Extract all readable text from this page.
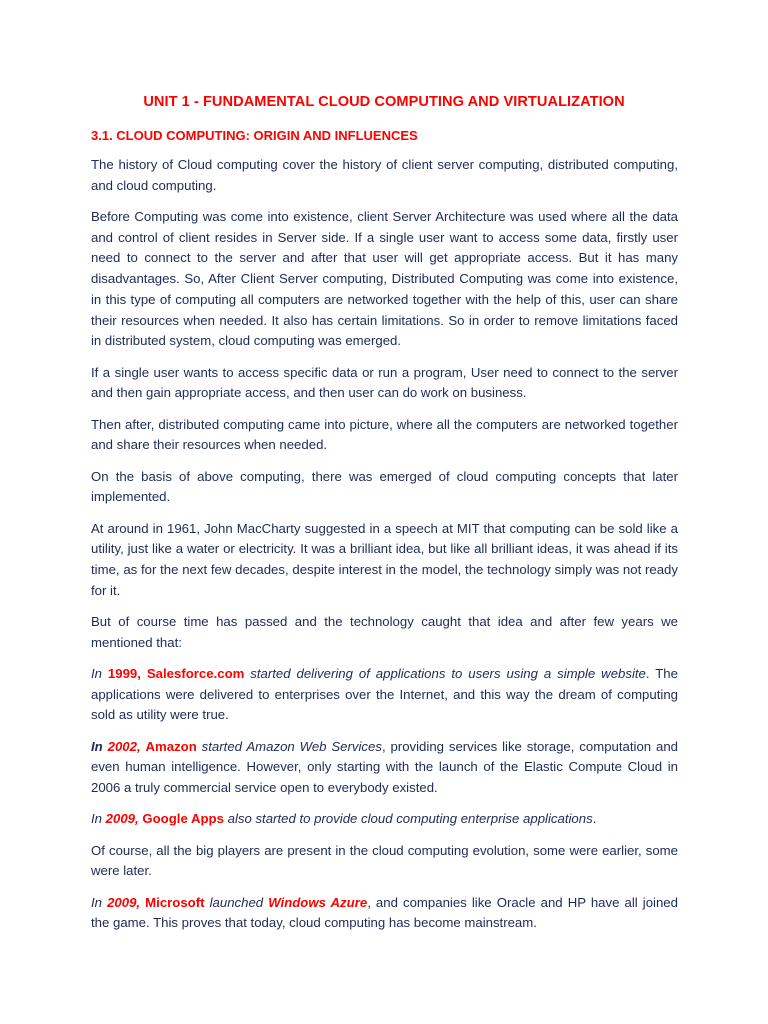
UNIT 1 - FUNDAMENTAL CLOUD COMPUTING AND VIRTUALIZATION
3.1. CLOUD COMPUTING: ORIGIN AND INFLUENCES

The history of Cloud computing cover the history of client server computing, distributed computing, and cloud computing.

Before Computing was come into existence, client Server Architecture was used where all the data and control of client resides in Server side. If a single user want to access some data, firstly user need to connect to the server and after that user will get appropriate access. But it has many disadvantages. So, After Client Server computing, Distributed Computing was come into existence, in this type of computing all computers are networked together with the help of this, user can share their resources when needed. It also has certain limitations. So in order to remove limitations faced in distributed system, cloud computing was emerged.

If a single user wants to access specific data or run a program, User need to connect to the server and then gain appropriate access, and then user can do work on business.

Then after, distributed computing came into picture, where all the computers are networked together and share their resources when needed.

On the basis of above computing, there was emerged of cloud computing concepts that later implemented.

At around in 1961, John MacCharty suggested in a speech at MIT that computing can be sold like a utility, just like a water or electricity. It was a brilliant idea, but like all brilliant ideas, it was ahead if its time, as for the next few decades, despite interest in the model, the technology simply was not ready for it.

But of course time has passed and the technology caught that idea and after few years we mentioned that:

In 1999, Salesforce.com started delivering of applications to users using a simple website. The applications were delivered to enterprises over the Internet, and this way the dream of computing sold as utility were true.

In 2002, Amazon started Amazon Web Services, providing services like storage, computation and even human intelligence. However, only starting with the launch of the Elastic Compute Cloud in 2006 a truly commercial service open to everybody existed.

In 2009, Google Apps also started to provide cloud computing enterprise applications.

Of course, all the big players are present in the cloud computing evolution, some were earlier, some were later.

In 2009, Microsoft launched Windows Azure, and companies like Oracle and HP have all joined the game. This proves that today, cloud computing has become mainstream.
